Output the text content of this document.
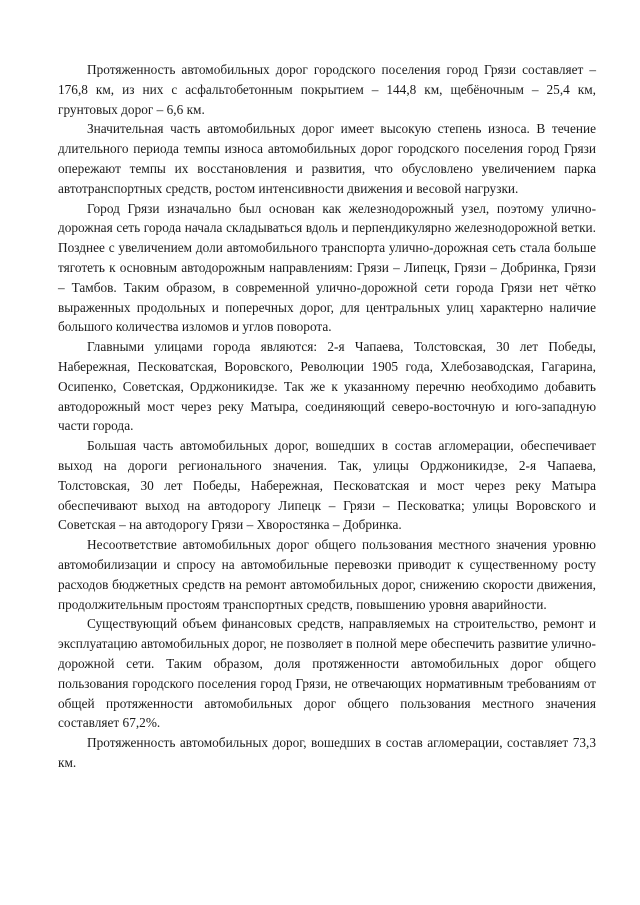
Протяженность автомобильных дорог городского поселения город Грязи составляет – 176,8 км, из них с асфальтобетонным покрытием – 144,8 км, щебёночным – 25,4 км, грунтовых дорог – 6,6 км.

Значительная часть автомобильных дорог имеет высокую степень износа. В течение длительного периода темпы износа автомобильных дорог городского поселения город Грязи опережают темпы их восстановления и развития, что обусловлено увеличением парка автотранспортных средств, ростом интенсивности движения и весовой нагрузки.

Город Грязи изначально был основан как железнодорожный узел, поэтому улично-дорожная сеть города начала складываться вдоль и перпендикулярно железнодорожной ветки. Позднее с увеличением доли автомобильного транспорта улично-дорожная сеть стала больше тяготеть к основным автодорожным направлениям: Грязи – Липецк, Грязи – Добринка, Грязи – Тамбов. Таким образом, в современной улично-дорожной сети города Грязи нет чётко выраженных продольных и поперечных дорог, для центральных улиц характерно наличие большого количества изломов и углов поворота.

Главными улицами города являются: 2-я Чапаева, Толстовская, 30 лет Победы, Набережная, Песковатская, Воровского, Революции 1905 года, Хлебозаводская, Гагарина, Осипенко, Советская, Орджоникидзе. Так же к указанному перечню необходимо добавить автодорожный мост через реку Матыра, соединяющий северо-восточную и юго-западную части города.

Большая часть автомобильных дорог, вошедших в состав агломерации, обеспечивает выход на дороги регионального значения. Так, улицы Орджоникидзе, 2-я Чапаева, Толстовская, 30 лет Победы, Набережная, Песковатская и мост через реку Матыра обеспечивают выход на автодорогу Липецк – Грязи – Песковатка; улицы Воровского и Советская – на автодорогу Грязи – Хворостянка – Добринка.

Несоответствие автомобильных дорог общего пользования местного значения уровню автомобилизации и спросу на автомобильные перевозки приводит к существенному росту расходов бюджетных средств на ремонт автомобильных дорог, снижению скорости движения, продолжительным простоям транспортных средств, повышению уровня аварийности.

Существующий объем финансовых средств, направляемых на строительство, ремонт и эксплуатацию автомобильных дорог, не позволяет в полной мере обеспечить развитие улично-дорожной сети. Таким образом, доля протяженности автомобильных дорог общего пользования городского поселения город Грязи, не отвечающих нормативным требованиям от общей протяженности автомобильных дорог общего пользования местного значения составляет 67,2%.

Протяженность автомобильных дорог, вошедших в состав агломерации, составляет 73,3 км.
